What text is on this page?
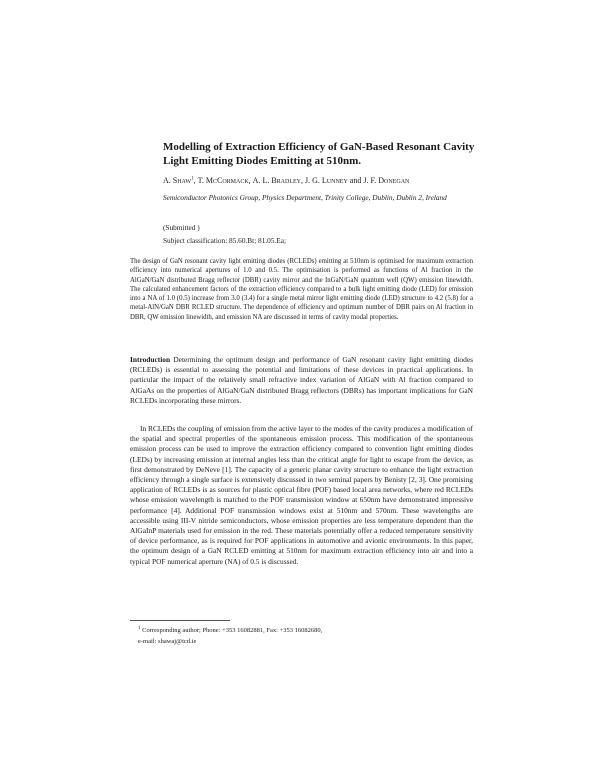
Modelling of Extraction Efficiency of GaN-Based Resonant Cavity Light Emitting Diodes Emitting at 510nm.

A. Shaw$^1$, T. McCormack, A. L. Bradley, J. G. Lunney and J. F. Donegan

Semiconductor Photonics Group, Physics Department, Trinity College, Dublin, Dublin 2, Ireland

(Submitted )
Subject classification: 85.60.Bt; 81.05.Ea;

The design of GaN resonant cavity light emitting diodes (RCLEDs) emitting at 510nm is optimised for maximum extraction efficiency into numerical apertures of 1.0 and 0.5. The optimisation is performed as functions of Al fraction in the AlGaN/GaN distributed Bragg reflector (DBR) cavity mirror and the InGaN/GaN quantum well (QW) emission linewidth. The calculated enhancement factors of the extraction efficiency compared to a bulk light emitting diode (LED) for emission into a NA of 1.0 (0.5) increase from 3.0 (3.4) for a single metal mirror light emitting diode (LED) structure to 4.2 (5.8) for a metal-AlN/GaN DBR RCLED structure. The dependence of efficiency and optimum number of DBR pairs on Al fraction in DBR, QW emission linewidth, and emission NA are discussed in terms of cavity modal properties.

Introduction Determining the optimum design and performance of GaN resonant cavity light emitting diodes (RCLEDs) is essential to assessing the potential and limitations of these devices in practical applications. In particular the impact of the relatively small refractive index variation of AlGaN with Al fraction compared to AlGaAs on the properties of AlGaN/GaN distributed Bragg reflectors (DBRs) has important implications for GaN RCLEDs incorporating these mirrors.

In RCLEDs the coupling of emission from the active layer to the modes of the cavity produces a modification of the spatial and spectral properties of the spontaneous emission process. This modification of the spontaneous emission process can be used to improve the extraction efficiency compared to convention light emitting diodes (LEDs) by increasing emission at internal angles less than the critical angle for light to escape from the device, as first demonstrated by DeNeve [1]. The capacity of a generic planar cavity structure to enhance the light extraction efficiency through a single surface is extensively discussed in two seminal papers by Benisty [2, 3]. One promising application of RCLEDs is as sources for plastic optical fibre (POF) based local area networks, where red RCLEDs whose emission wavelength is matched to the POF transmission window at 650nm have demonstrated impressive performance [4]. Additional POF transmission windows exist at 510nm and 570nm. These wavelengths are accessible using III-V nitride semiconductors, whose emission properties are less temperature dependent than the AlGaInP materials used for emission in the red. These materials potentially offer a reduced temperature sensitivity of device performance, as is required for POF applications in automotive and avionic environments. In this paper, the optimum design of a GaN RCLED emitting at 510nm for maximum extraction efficiency into air and into a typical POF numerical aperture (NA) of 0.5 is discussed.

$^1$ Corresponding author; Phone: +353 16082881, Fax: +353 16082680,
e-mail: shawaj@tcd.ie
